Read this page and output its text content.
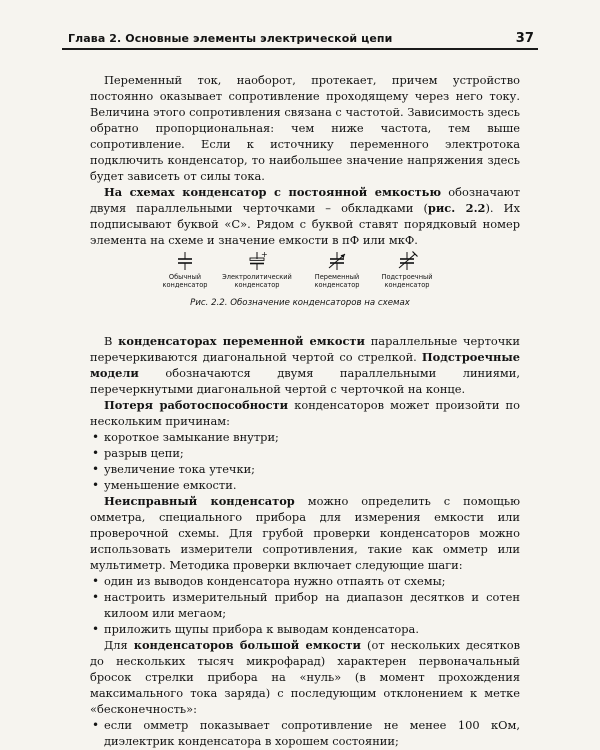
Глава 2. Основные элементы электрической цепи	37

Переменный ток, наоборот, протекает, причем устройство постоянно оказывает сопротивление проходящему через него току. Величина этого сопротивления связана с частотой. Зависимость здесь обратно пропорциональная: чем ниже частота, тем выше сопротивление. Если к источнику переменного электротока подключить конденсатор, то наибольшее значение напряжения здесь будет зависеть от силы тока.

На схемах конденсатор с постоянной емкостью обозначают двумя параллельными черточками – обкладками (рис. 2.2). Их подписывают буквой «С». Рядом с буквой ставят порядковый номер элемента на схеме и значение емкости в пФ или мкФ.

Обычный
конденсатор
+
Электролитический
конденсатор
Переменный
конденсатор
Подстроечный
конденсатор
Рис. 2.2. Обозначение конденсаторов на схемах

В конденсаторах переменной емкости параллельные черточки перечеркиваются диагональной чертой со стрелкой. Подстроечные модели обозначаются двумя параллельными линиями, перечеркнутыми диагональной чертой с черточкой на конце.

Потеря работоспособности конденсаторов может произойти по нескольким причинам:

• короткое замыкание внутри;
• разрыв цепи;
• увеличение тока утечки;
• уменьшение емкости.

Неисправный конденсатор можно определить с помощью омметра, специального прибора для измерения емкости или проверочной схемы. Для грубой проверки конденсаторов можно использовать измерители сопротивления, такие как омметр или мультиметр. Методика проверки включает следующие шаги:

• один из выводов конденсатора нужно отпаять от схемы;
• настроить измерительный прибор на диапазон десятков и сотен килоом или мегаом;
• приложить щупы прибора к выводам конденсатора.

Для конденсаторов большой емкости (от нескольких десятков до нескольких тысяч микрофарад) характерен первоначальный бросок стрелки прибора на «нуль» (в момент прохождения максимального тока заряда) с последующим отклонением к метке «бесконечность»:

• если омметр показывает сопротивление не менее 100 кОм, диэлектрик конденсатора в хорошем состоянии;
